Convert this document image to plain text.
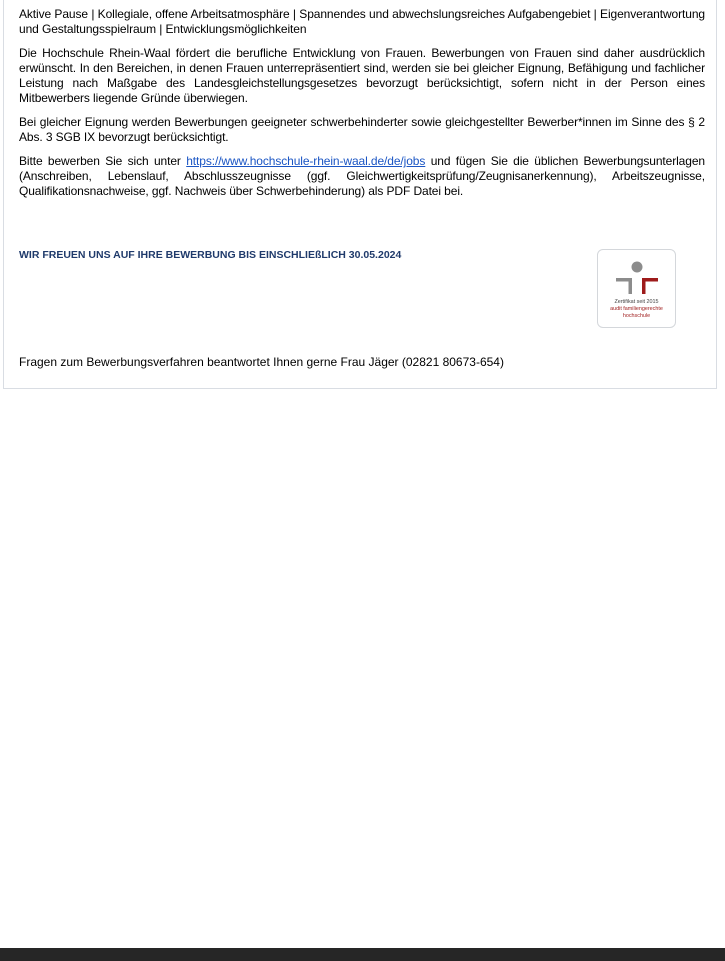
Aktive Pause | Kollegiale, offene Arbeitsatmosphäre | Spannendes und abwechslungsreiches Aufgabengebiet | Eigenverantwortung und Gestaltungsspielraum | Entwicklungsmöglichkeiten

Die Hochschule Rhein-Waal fördert die berufliche Entwicklung von Frauen. Bewerbungen von Frauen sind daher ausdrücklich erwünscht. In den Bereichen, in denen Frauen unterrepräsentiert sind, werden sie bei gleicher Eignung, Befähigung und fachlicher Leistung nach Maßgabe des Landesgleichstellungsgesetzes bevorzugt berücksichtigt, sofern nicht in der Person eines Mitbewerbers liegende Gründe überwiegen.

Bei gleicher Eignung werden Bewerbungen geeigneter schwerbehinderter sowie gleichgestellter Bewerber*innen im Sinne des § 2 Abs. 3 SGB IX bevorzugt berücksichtigt.

Bitte bewerben Sie sich unter https://www.hochschule-rhein-waal.de/de/jobs und fügen Sie die üblichen Bewerbungsunterlagen (Anschreiben, Lebenslauf, Abschlusszeugnisse (ggf. Gleichwertigkeitsprüfung/Zeugnisanerkennung), Arbeitszeugnisse, Qualifikationsnachweise, ggf. Nachweis über Schwerbehinderung) als PDF Datei bei.

WIR FREUEN UNS AUF IHRE BEWERBUNG BIS EINSCHLIEßLICH 30.05.2024
Zertifikat seit 2015
audit familiengerechte
hochschule
Fragen zum Bewerbungsverfahren beantwortet Ihnen gerne Frau Jäger (02821 80673-654)
